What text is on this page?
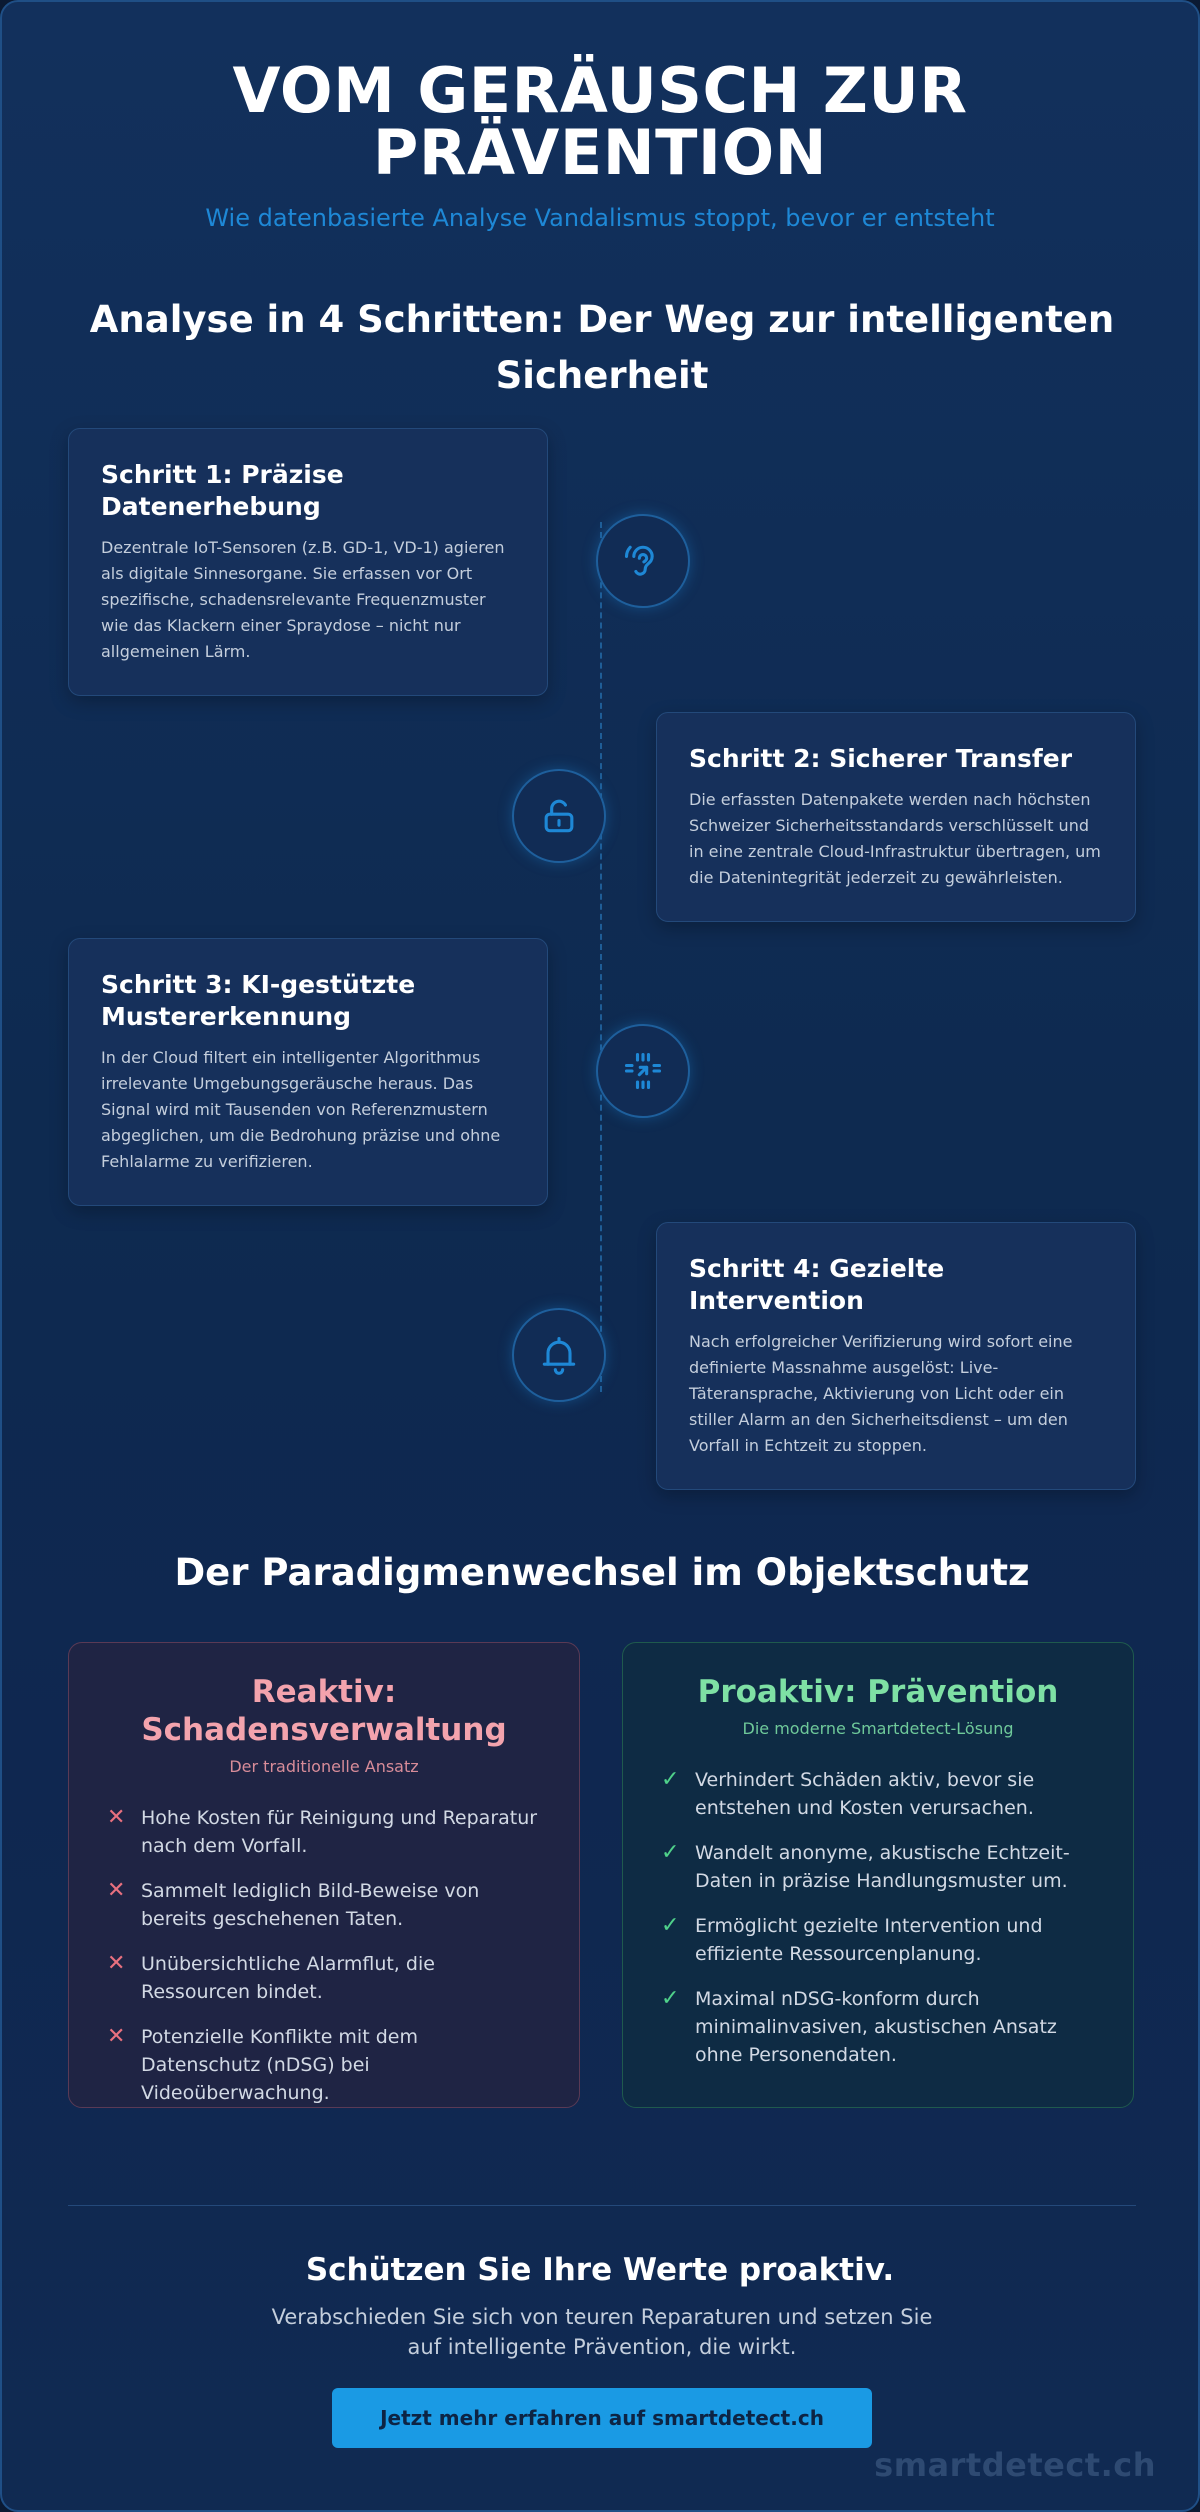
VOM GERÄUSCH ZUR
PRÄVENTION
Wie datenbasierte Analyse Vandalismus stoppt, bevor er entsteht
Analyse in 4 Schritten: Der Weg zur intelligenten
Sicherheit
Schritt 1: Präzise Datenerhebung
Dezentrale IoT-Sensoren (z.B. GD-1, VD-1) agieren als digitale Sinnesorgane. Sie erfassen vor Ort spezifische, schadensrelevante Frequenzmuster wie das Klackern einer Spraydose – nicht nur allgemeinen Lärm.
Schritt 2: Sicherer Transfer
Die erfassten Datenpakete werden nach höchsten Schweizer Sicherheitsstandards verschlüsselt und in eine zentrale Cloud-Infrastruktur übertragen, um die Datenintegrität jederzeit zu gewährleisten.
Schritt 3: KI-gestützte Mustererkennung
In der Cloud filtert ein intelligenter Algorithmus irrelevante Umgebungsgeräusche heraus. Das Signal wird mit Tausenden von Referenzmustern abgeglichen, um die Bedrohung präzise und ohne Fehlalarme zu verifizieren.
Schritt 4: Gezielte Intervention
Nach erfolgreicher Verifizierung wird sofort eine definierte Massnahme ausgelöst: Live-Täteransprache, Aktivierung von Licht oder ein stiller Alarm an den Sicherheitsdienst – um den Vorfall in Echtzeit zu stoppen.
Der Paradigmenwechsel im Objektschutz
Reaktiv:
Schadensverwaltung
Der traditionelle Ansatz
✕ Hohe Kosten für Reinigung und Reparatur nach dem Vorfall.
✕ Sammelt lediglich Bild-Beweise von bereits geschehenen Taten.
✕ Unübersichtliche Alarmflut, die Ressourcen bindet.
✕ Potenzielle Konflikte mit dem Datenschutz (nDSG) bei Videoüberwachung.
Proaktiv: Prävention
Die moderne Smartdetect-Lösung
✓ Verhindert Schäden aktiv, bevor sie entstehen und Kosten verursachen.
✓ Wandelt anonyme, akustische Echtzeit-Daten in präzise Handlungsmuster um.
✓ Ermöglicht gezielte Intervention und effiziente Ressourcenplanung.
✓ Maximal nDSG-konform durch minimalinvasiven, akustischen Ansatz ohne Personendaten.
Schützen Sie Ihre Werte proaktiv.
Verabschieden Sie sich von teuren Reparaturen und setzen Sie auf intelligente Prävention, die wirkt.
Jetzt mehr erfahren auf smartdetect.ch
smartdetect.ch
